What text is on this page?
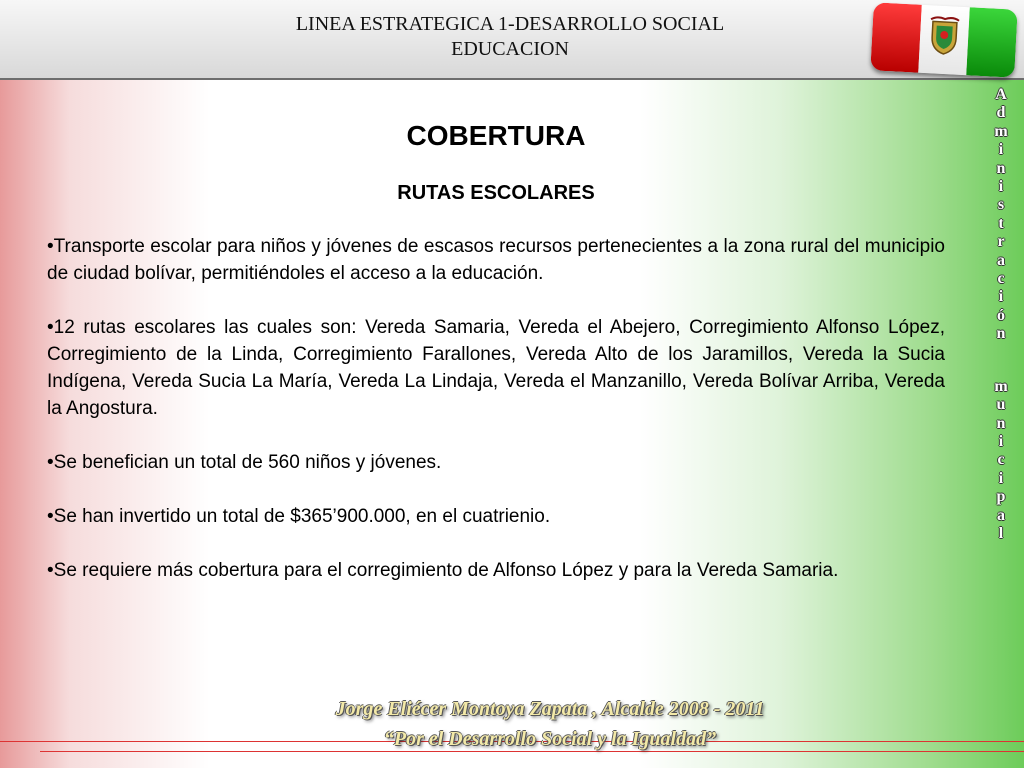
LINEA ESTRATEGICA 1-DESARROLLO SOCIAL
EDUCACION
COBERTURA
RUTAS ESCOLARES

•Transporte escolar para niños y jóvenes de escasos recursos pertenecientes a la zona rural del municipio de ciudad bolívar, permitiéndoles el acceso a la educación.

•12 rutas escolares las cuales son: Vereda Samaria, Vereda el Abejero, Corregimiento Alfonso López, Corregimiento de la Linda, Corregimiento Farallones, Vereda Alto de los Jaramillos, Vereda la Sucia Indígena, Vereda Sucia La María, Vereda La Lindaja, Vereda el Manzanillo, Vereda Bolívar Arriba, Vereda la Angostura.

•Se benefician un total de 560 niños y jóvenes.

•Se han invertido un total de $365’900.000, en el cuatrienio.

•Se requiere más cobertura para el corregimiento de Alfonso López y para la Vereda Samaria.

A
d
m
i
n
i
s
t
r
a
c
i
ó
n
m
u
n
i
c
i
p
a
l
Jorge Eliécer Montoya Zapata , Alcalde 2008 - 2011
“Por el Desarrollo Social y la Igualdad”
